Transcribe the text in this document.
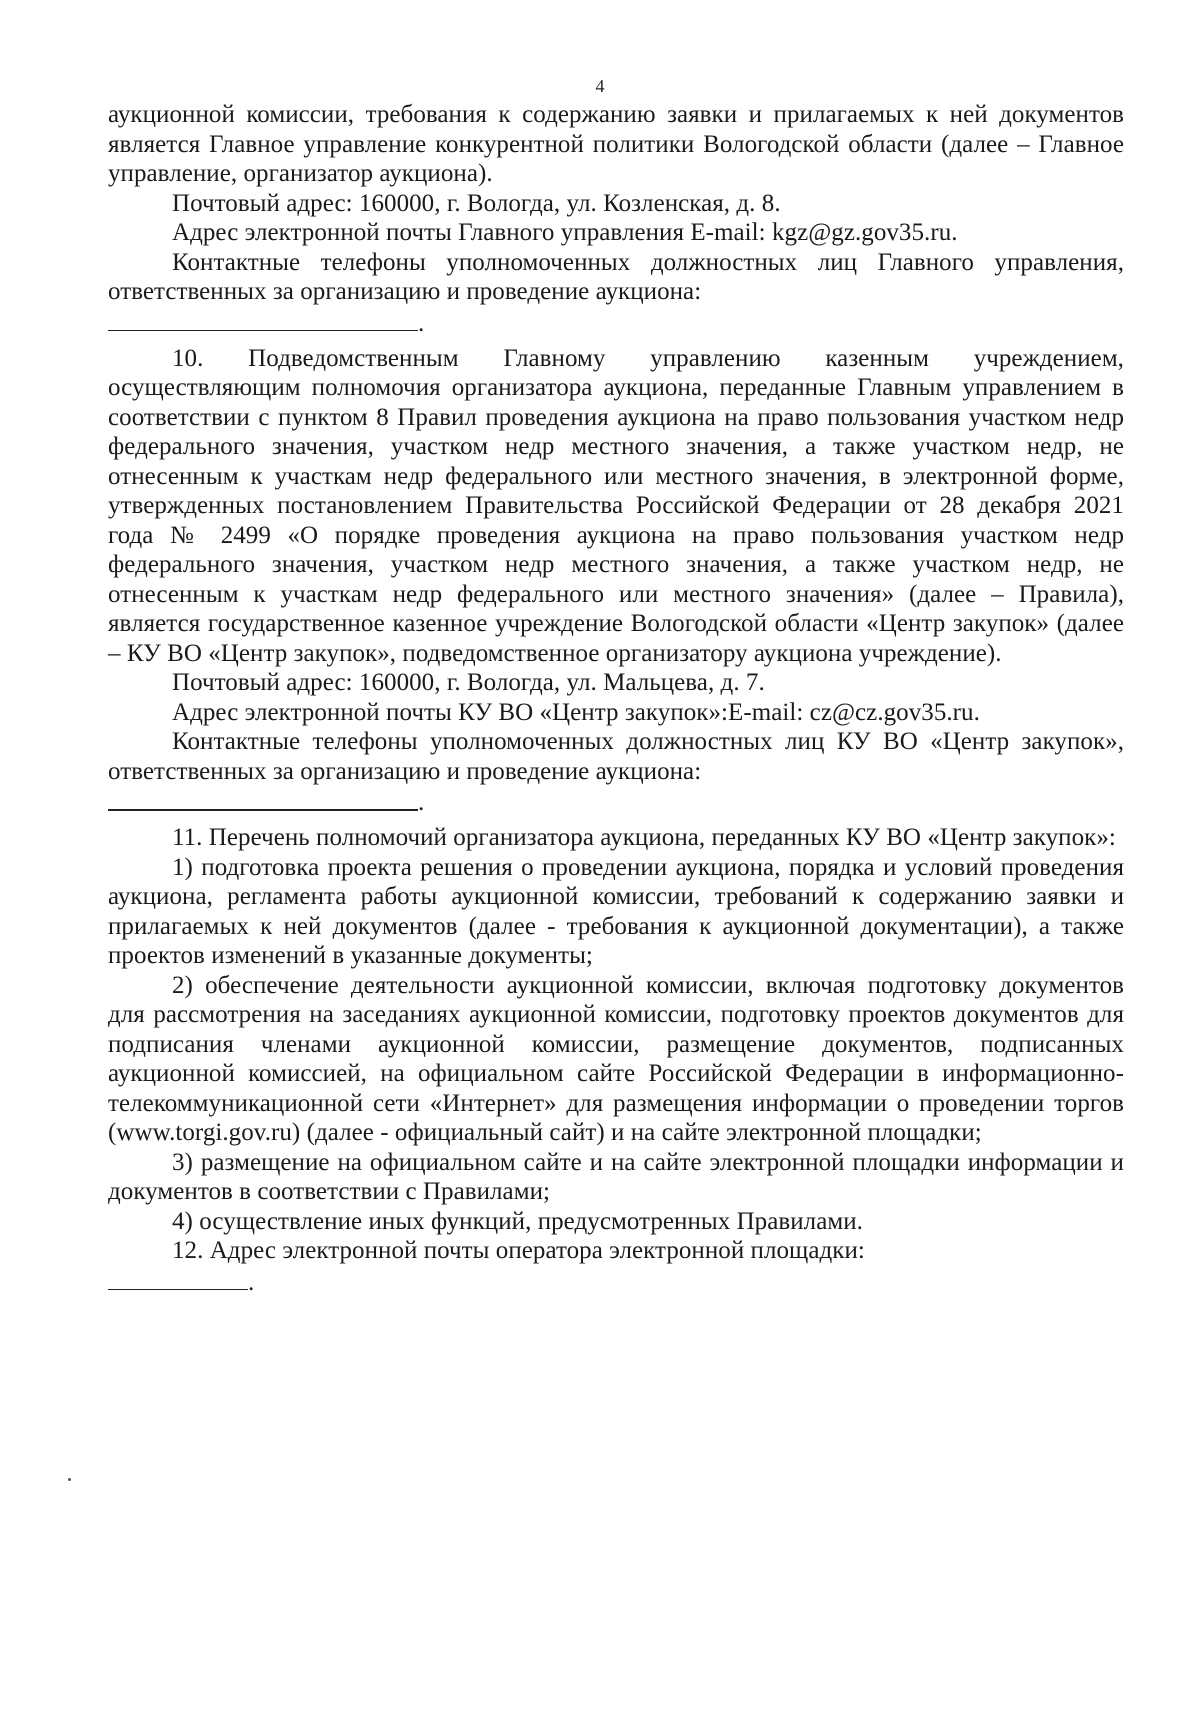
4

аукционной комиссии, требования к содержанию заявки и прилагаемых к ней документов является Главное управление конкурентной политики Вологодской области (далее – Главное управление, организатор аукциона).

Почтовый адрес: 160000, г. Вологда, ул. Козленская, д. 8.

Адрес электронной почты Главного управления E-mail: kgz@gz.gov35.ru.

Контактные телефоны уполномоченных должностных лиц Главного управления, ответственных за организацию и проведение аукциона:

.

10. Подведомственным Главному управлению казенным учреждением, осуществляющим полномочия организатора аукциона, переданные Главным управлением в соответствии с пунктом 8 Правил проведения аукциона на право пользования участком недр федерального значения, участком недр местного значения, а также участком недр, не отнесенным к участкам недр федерального или местного значения, в электронной форме, утвержденных постановлением Правительства Российской Федерации от 28 декабря 2021 года № 2499 «О порядке проведения аукциона на право пользования участком недр федерального значения, участком недр местного значения, а также участком недр, не отнесенным к участкам недр федерального или местного значения» (далее – Правила), является государственное казенное учреждение Вологодской области «Центр закупок» (далее – КУ ВО «Центр закупок», подведомственное организатору аукциона учреждение).

Почтовый адрес: 160000, г. Вологда, ул. Мальцева, д. 7.

Адрес электронной почты КУ ВО «Центр закупок»:E-mail: cz@cz.gov35.ru.

Контактные телефоны уполномоченных должностных лиц КУ ВО «Центр закупок», ответственных за организацию и проведение аукциона:

.

11. Перечень полномочий организатора аукциона, переданных КУ ВО «Центр закупок»:

1) подготовка проекта решения о проведении аукциона, порядка и условий проведения аукциона, регламента работы аукционной комиссии, требований к содержанию заявки и прилагаемых к ней документов (далее - требования к аукционной документации), а также проектов изменений в указанные документы;

2) обеспечение деятельности аукционной комиссии, включая подготовку документов для рассмотрения на заседаниях аукционной комиссии, подготовку проектов документов для подписания членами аукционной комиссии, размещение документов, подписанных аукционной комиссией, на официальном сайте Российской Федерации в информационно-телекоммуникационной сети «Интернет» для размещения информации о проведении торгов (www.torgi.gov.ru) (далее - официальный сайт) и на сайте электронной площадки;

3) размещение на официальном сайте и на сайте электронной площадки информации и документов в соответствии с Правилами;

4) осуществление иных функций, предусмотренных Правилами.

12. Адрес электронной почты оператора электронной площадки:

.
